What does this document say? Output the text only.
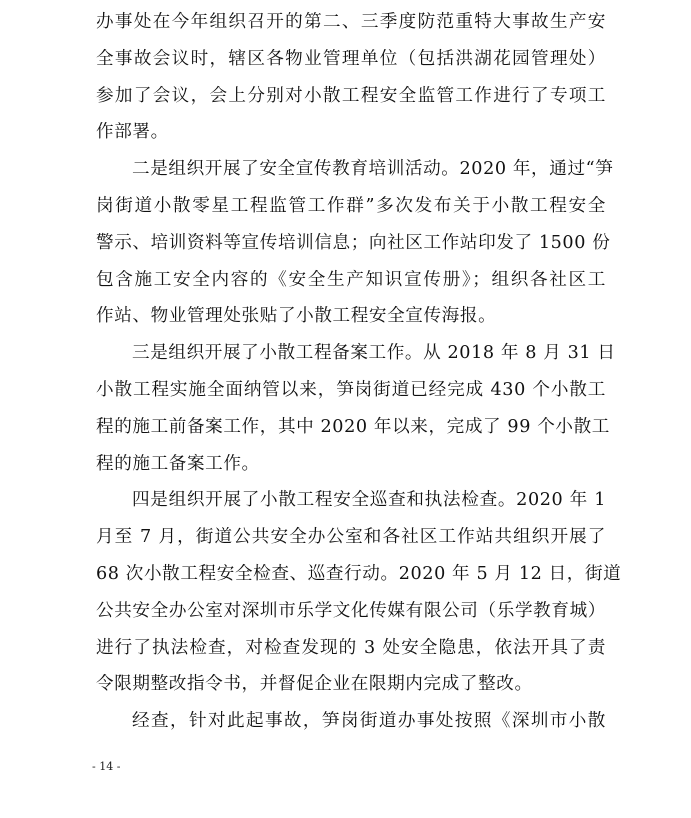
办事处在今年组织召开的第二、三季度防范重特大事故生产安
全事故会议时，辖区各物业管理单位（包括洪湖花园管理处）
参加了会议，会上分别对小散工程安全监管工作进行了专项工
作部署。
二是组织开展了安全宣传教育培训活动。2020 年，通过“笋
岗街道小散零星工程监管工作群”多次发布关于小散工程安全
警示、培训资料等宣传培训信息；向社区工作站印发了 1500 份
包含施工安全内容的《安全生产知识宣传册》；组织各社区工
作站、物业管理处张贴了小散工程安全宣传海报。
三是组织开展了小散工程备案工作。从 2018 年 8 月 31 日
小散工程实施全面纳管以来，笋岗街道已经完成 430 个小散工
程的施工前备案工作，其中 2020 年以来，完成了 99 个小散工
程的施工备案工作。
四是组织开展了小散工程安全巡查和执法检查。2020 年 1
月至 7 月，街道公共安全办公室和各社区工作站共组织开展了
68 次小散工程安全检查、巡查行动。2020 年 5 月 12 日，街道
公共安全办公室对深圳市乐学文化传媒有限公司（乐学教育城）
进行了执法检查，对检查发现的 3 处安全隐患，依法开具了责
令限期整改指令书，并督促企业在限期内完成了整改。
经查，针对此起事故，笋岗街道办事处按照《深圳市小散
- 14 -
